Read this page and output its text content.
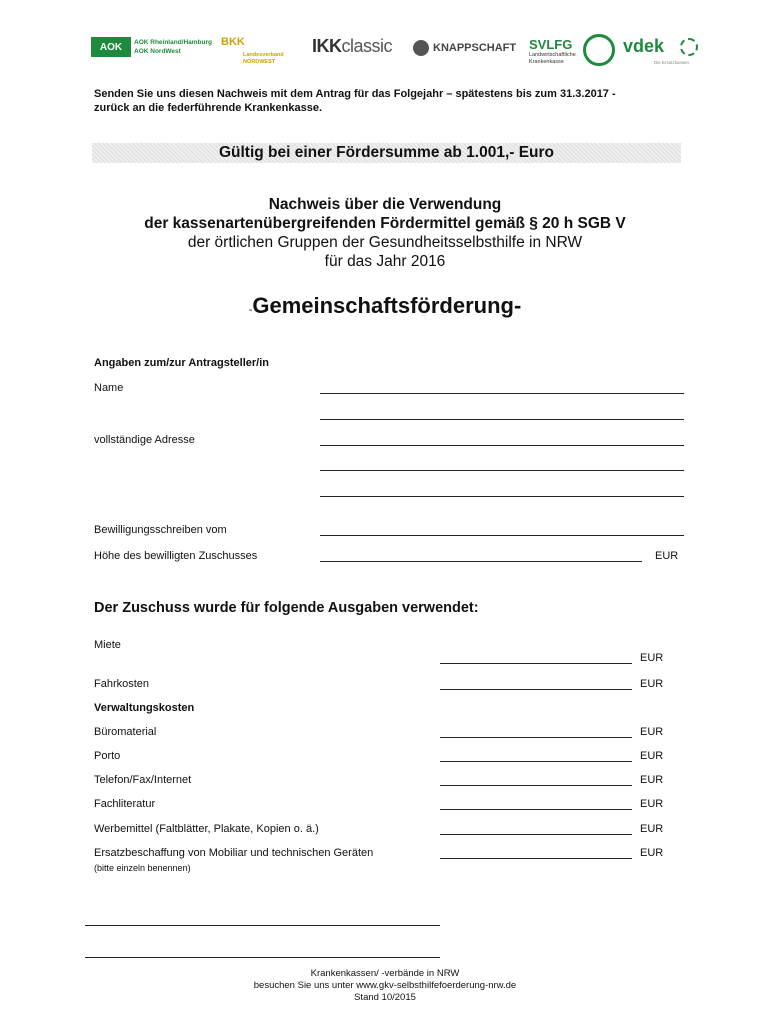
AOK	AOK Rheinland/Hamburg
AOK NordWest
BKK
Landesverband
NORDWEST
IKKclassic	KNAPPSCHAFT SVLFG
Landwirtschaftliche
Krankenkasse
vdek
Die Ersatzkassen
Senden Sie uns diesen Nachweis mit dem Antrag für das Folgejahr – spätestens bis zum 31.3.2017 -
zurück an die federführende Krankenkasse.
Gültig bei einer Fördersumme ab 1.001,- Euro
Nachweis über die Verwendung
der kassenartenübergreifenden Fördermittel gemäß § 20 h SGB V
der örtlichen Gruppen der Gesundheitsselbsthilfe in NRW
für das Jahr 2016
-Gemeinschaftsförderung-
Angaben zum/zur Antragsteller/in
Name
vollständige Adresse
Bewilligungsschreiben vom
Höhe des bewilligten Zuschusses	EUR
Der Zuschuss wurde für folgende Ausgaben verwendet:
Miete
EUR
Fahrkosten	EUR
Verwaltungskosten
Büromaterial	EUR
Porto	EUR
Telefon/Fax/Internet	EUR
Fachliteratur	EUR
Werbemittel (Faltblätter, Plakate, Kopien o. ä.)	EUR
Ersatzbeschaffung von Mobiliar und technischen Geräten	EUR
(bitte einzeln benennen)
Krankenkassen/ -verbände in NRW
besuchen Sie uns unter www.gkv-selbsthilfefoerderung-nrw.de
Stand 10/2015
